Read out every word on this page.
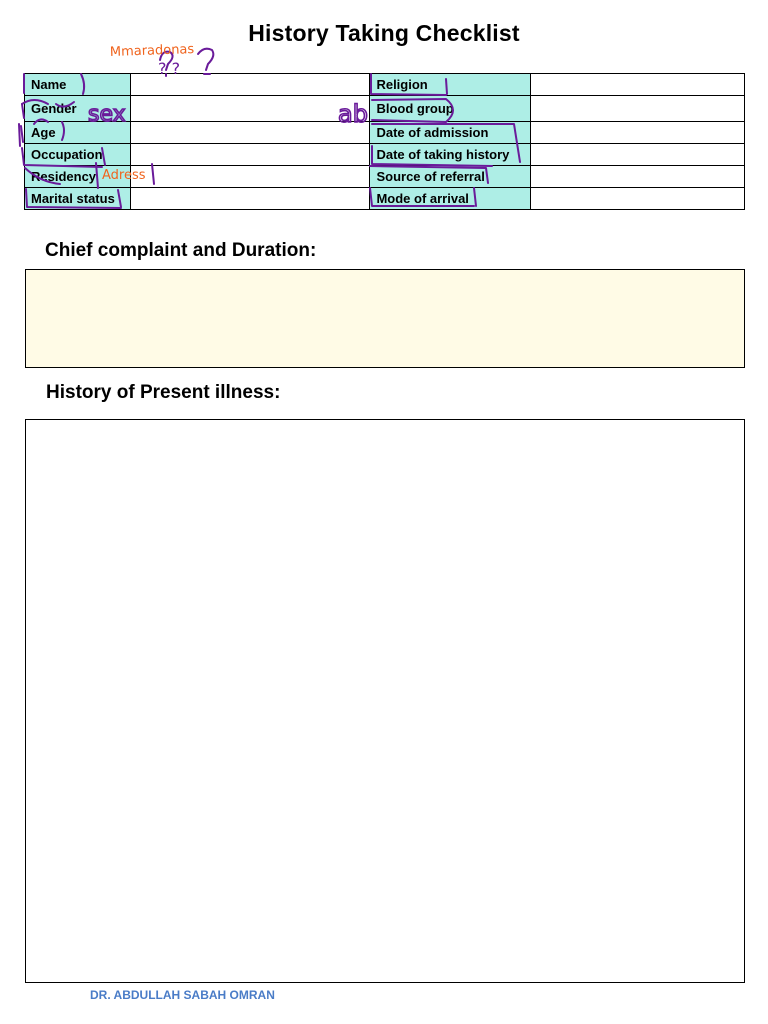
History Taking Checklist
Name		Religion	
Gender		Blood group	
Age		Date of admission	
Occupation		Date of taking history	
Residency		Source of referral	
Marital status		Mode of arrival	
Chief complaint and Duration:
History of Present illness:
DR. ABDULLAH SABAH OMRAN
sex	ab
? ?
Mmaradonas
Adress
